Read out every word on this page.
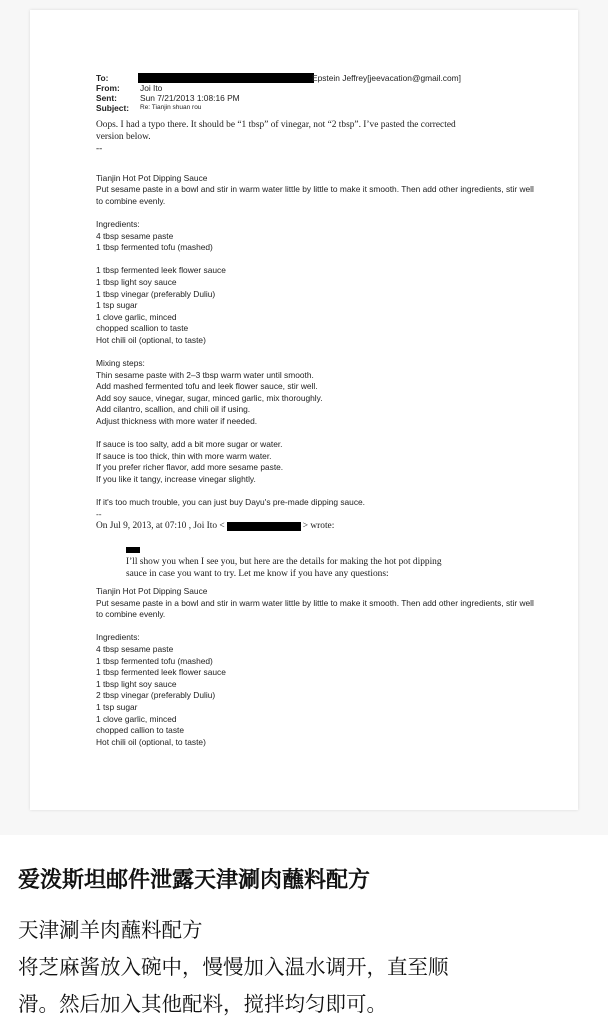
To:	Epstein Jeffrey[jeevacation@gmail.com]
From: Joi Ito
Sent:	Sun 7/21/2013 1:08:16 PM
Subject: Re: Tianjin shuan rou
Oops. I had a typo there. It should be “1 tbsp” of vinegar, not “2 tbsp”. I’ve pasted the corrected
version below.
--
Tianjin Hot Pot Dipping Sauce
Put sesame paste in a bowl and stir in warm water little by little to make it smooth. Then add other ingredients, stir well
to combine evenly.
Ingredients:
4 tbsp sesame paste
1 tbsp fermented tofu (mashed)
1 tbsp fermented leek flower sauce
1 tbsp light soy sauce
1 tbsp vinegar (preferably Duliu)
1 tsp sugar
1 clove garlic, minced
chopped scallion to taste
Hot chili oil (optional, to taste)
Mixing steps:
Thin sesame paste with 2–3 tbsp warm water until smooth.
Add mashed fermented tofu and leek flower sauce, stir well.
Add soy sauce, vinegar, sugar, minced garlic, mix thoroughly.
Add cilantro, scallion, and chili oil if using.
Adjust thickness with more water if needed.
If sauce is too salty, add a bit more sugar or water.
If sauce is too thick, thin with more warm water.
If you prefer richer flavor, add more sesame paste.
If you like it tangy, increase vinegar slightly.
If it's too much trouble, you can just buy Dayu's pre-made dipping sauce.
--
On Jul 9, 2013, at 07:10 , Joi Ito <	> wrote:
I’ll show you when I see you, but here are the details for making the hot pot dipping
sauce in case you want to try. Let me know if you have any questions:
Tianjin Hot Pot Dipping Sauce
Put sesame paste in a bowl and stir in warm water little by little to make it smooth. Then add other ingredients, stir well
to combine evenly.
Ingredients:
4 tbsp sesame paste
1 tbsp fermented tofu (mashed)
1 tbsp fermented leek flower sauce
1 tbsp light soy sauce
2 tbsp vinegar (preferably Duliu)
1 tsp sugar
1 clove garlic, minced
chopped callion to taste
Hot chili oil (optional, to taste)
爱泼斯坦邮件泄露天津涮肉蘸料配方
天津涮羊肉蘸料配方
将芝麻酱放入碗中，慢慢加入温水调开，直至顺
滑。然后加入其他配料，搅拌均匀即可。
